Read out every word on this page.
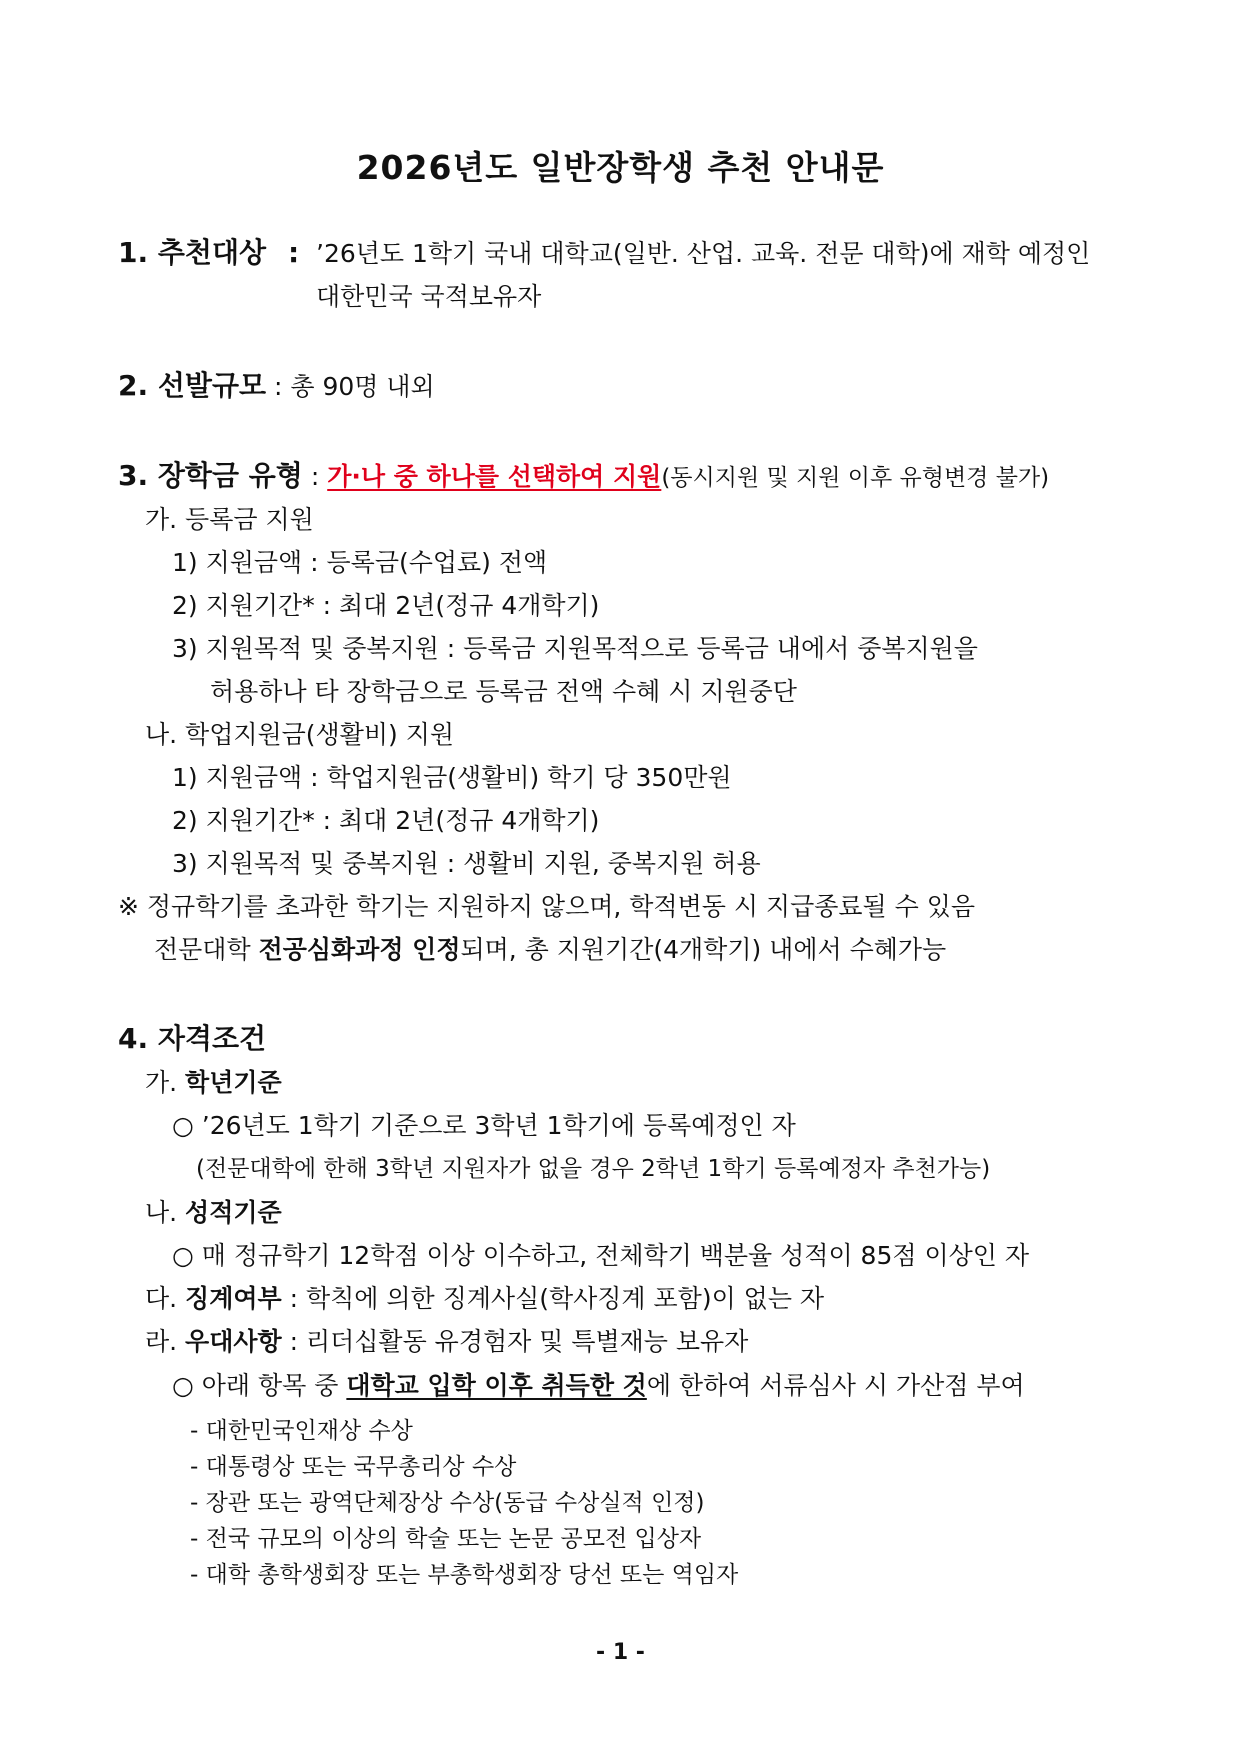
2026년도 일반장학생 추천 안내문
1. 추천대상 : ’26년도 1학기 국내 대학교(일반. 산업. 교육. 전문 대학)에 재학 예정인
대한민국 국적보유자
2. 선발규모 : 총 90명 내외
3. 장학금 유형 : 가·나 중 하나를 선택하여 지원(동시지원 및 지원 이후 유형변경 불가)
가. 등록금 지원
1) 지원금액 : 등록금(수업료) 전액
2) 지원기간* : 최대 2년(정규 4개학기)
3) 지원목적 및 중복지원 : 등록금 지원목적으로 등록금 내에서 중복지원을
허용하나 타 장학금으로 등록금 전액 수혜 시 지원중단
나. 학업지원금(생활비) 지원
1) 지원금액 : 학업지원금(생활비) 학기 당 350만원
2) 지원기간* : 최대 2년(정규 4개학기)
3) 지원목적 및 중복지원 : 생활비 지원, 중복지원 허용
※ 정규학기를 초과한 학기는 지원하지 않으며, 학적변동 시 지급종료될 수 있음
전문대학 전공심화과정 인정되며, 총 지원기간(4개학기) 내에서 수혜가능
4. 자격조건
가. 학년기준
○ ’26년도 1학기 기준으로 3학년 1학기에 등록예정인 자
(전문대학에 한해 3학년 지원자가 없을 경우 2학년 1학기 등록예정자 추천가능)
나. 성적기준
○ 매 정규학기 12학점 이상 이수하고, 전체학기 백분율 성적이 85점 이상인 자
다. 징계여부 : 학칙에 의한 징계사실(학사징계 포함)이 없는 자
라. 우대사항 : 리더십활동 유경험자 및 특별재능 보유자
○ 아래 항목 중 대학교 입학 이후 취득한 것에 한하여 서류심사 시 가산점 부여
- 대한민국인재상 수상
- 대통령상 또는 국무총리상 수상
- 장관 또는 광역단체장상 수상(동급 수상실적 인정)
- 전국 규모의 이상의 학술 또는 논문 공모전 입상자
- 대학 총학생회장 또는 부총학생회장 당선 또는 역임자
- 1 -
